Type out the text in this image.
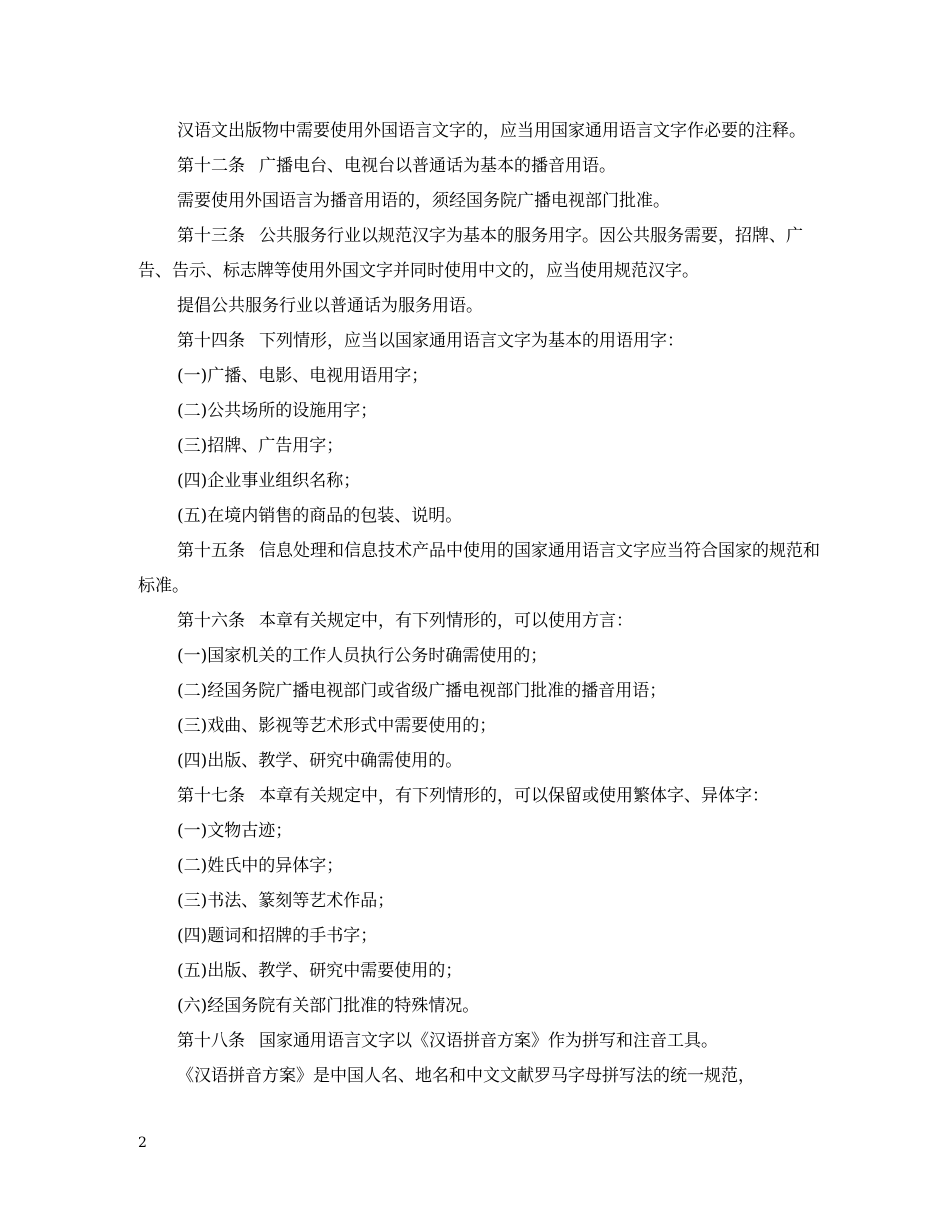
汉语文出版物中需要使用外国语言文字的，应当用国家通用语言文字作必要的注释。

第十二条 广播电台、电视台以普通话为基本的播音用语。

需要使用外国语言为播音用语的，须经国务院广播电视部门批准。

第十三条 公共服务行业以规范汉字为基本的服务用字。因公共服务需要，招牌、广告、告示、标志牌等使用外国文字并同时使用中文的，应当使用规范汉字。

提倡公共服务行业以普通话为服务用语。

第十四条 下列情形，应当以国家通用语言文字为基本的用语用字：

(一)广播、电影、电视用语用字；

(二)公共场所的设施用字；

(三)招牌、广告用字；

(四)企业事业组织名称；

(五)在境内销售的商品的包装、说明。

第十五条 信息处理和信息技术产品中使用的国家通用语言文字应当符合国家的规范和标准。

第十六条 本章有关规定中，有下列情形的，可以使用方言：

(一)国家机关的工作人员执行公务时确需使用的；

(二)经国务院广播电视部门或省级广播电视部门批准的播音用语；

(三)戏曲、影视等艺术形式中需要使用的；

(四)出版、教学、研究中确需使用的。

第十七条 本章有关规定中，有下列情形的，可以保留或使用繁体字、异体字：

(一)文物古迹；

(二)姓氏中的异体字；

(三)书法、篆刻等艺术作品；

(四)题词和招牌的手书字；

(五)出版、教学、研究中需要使用的；

(六)经国务院有关部门批准的特殊情况。

第十八条 国家通用语言文字以《汉语拼音方案》作为拼写和注音工具。

《汉语拼音方案》是中国人名、地名和中文文献罗马字母拼写法的统一规范，

2
